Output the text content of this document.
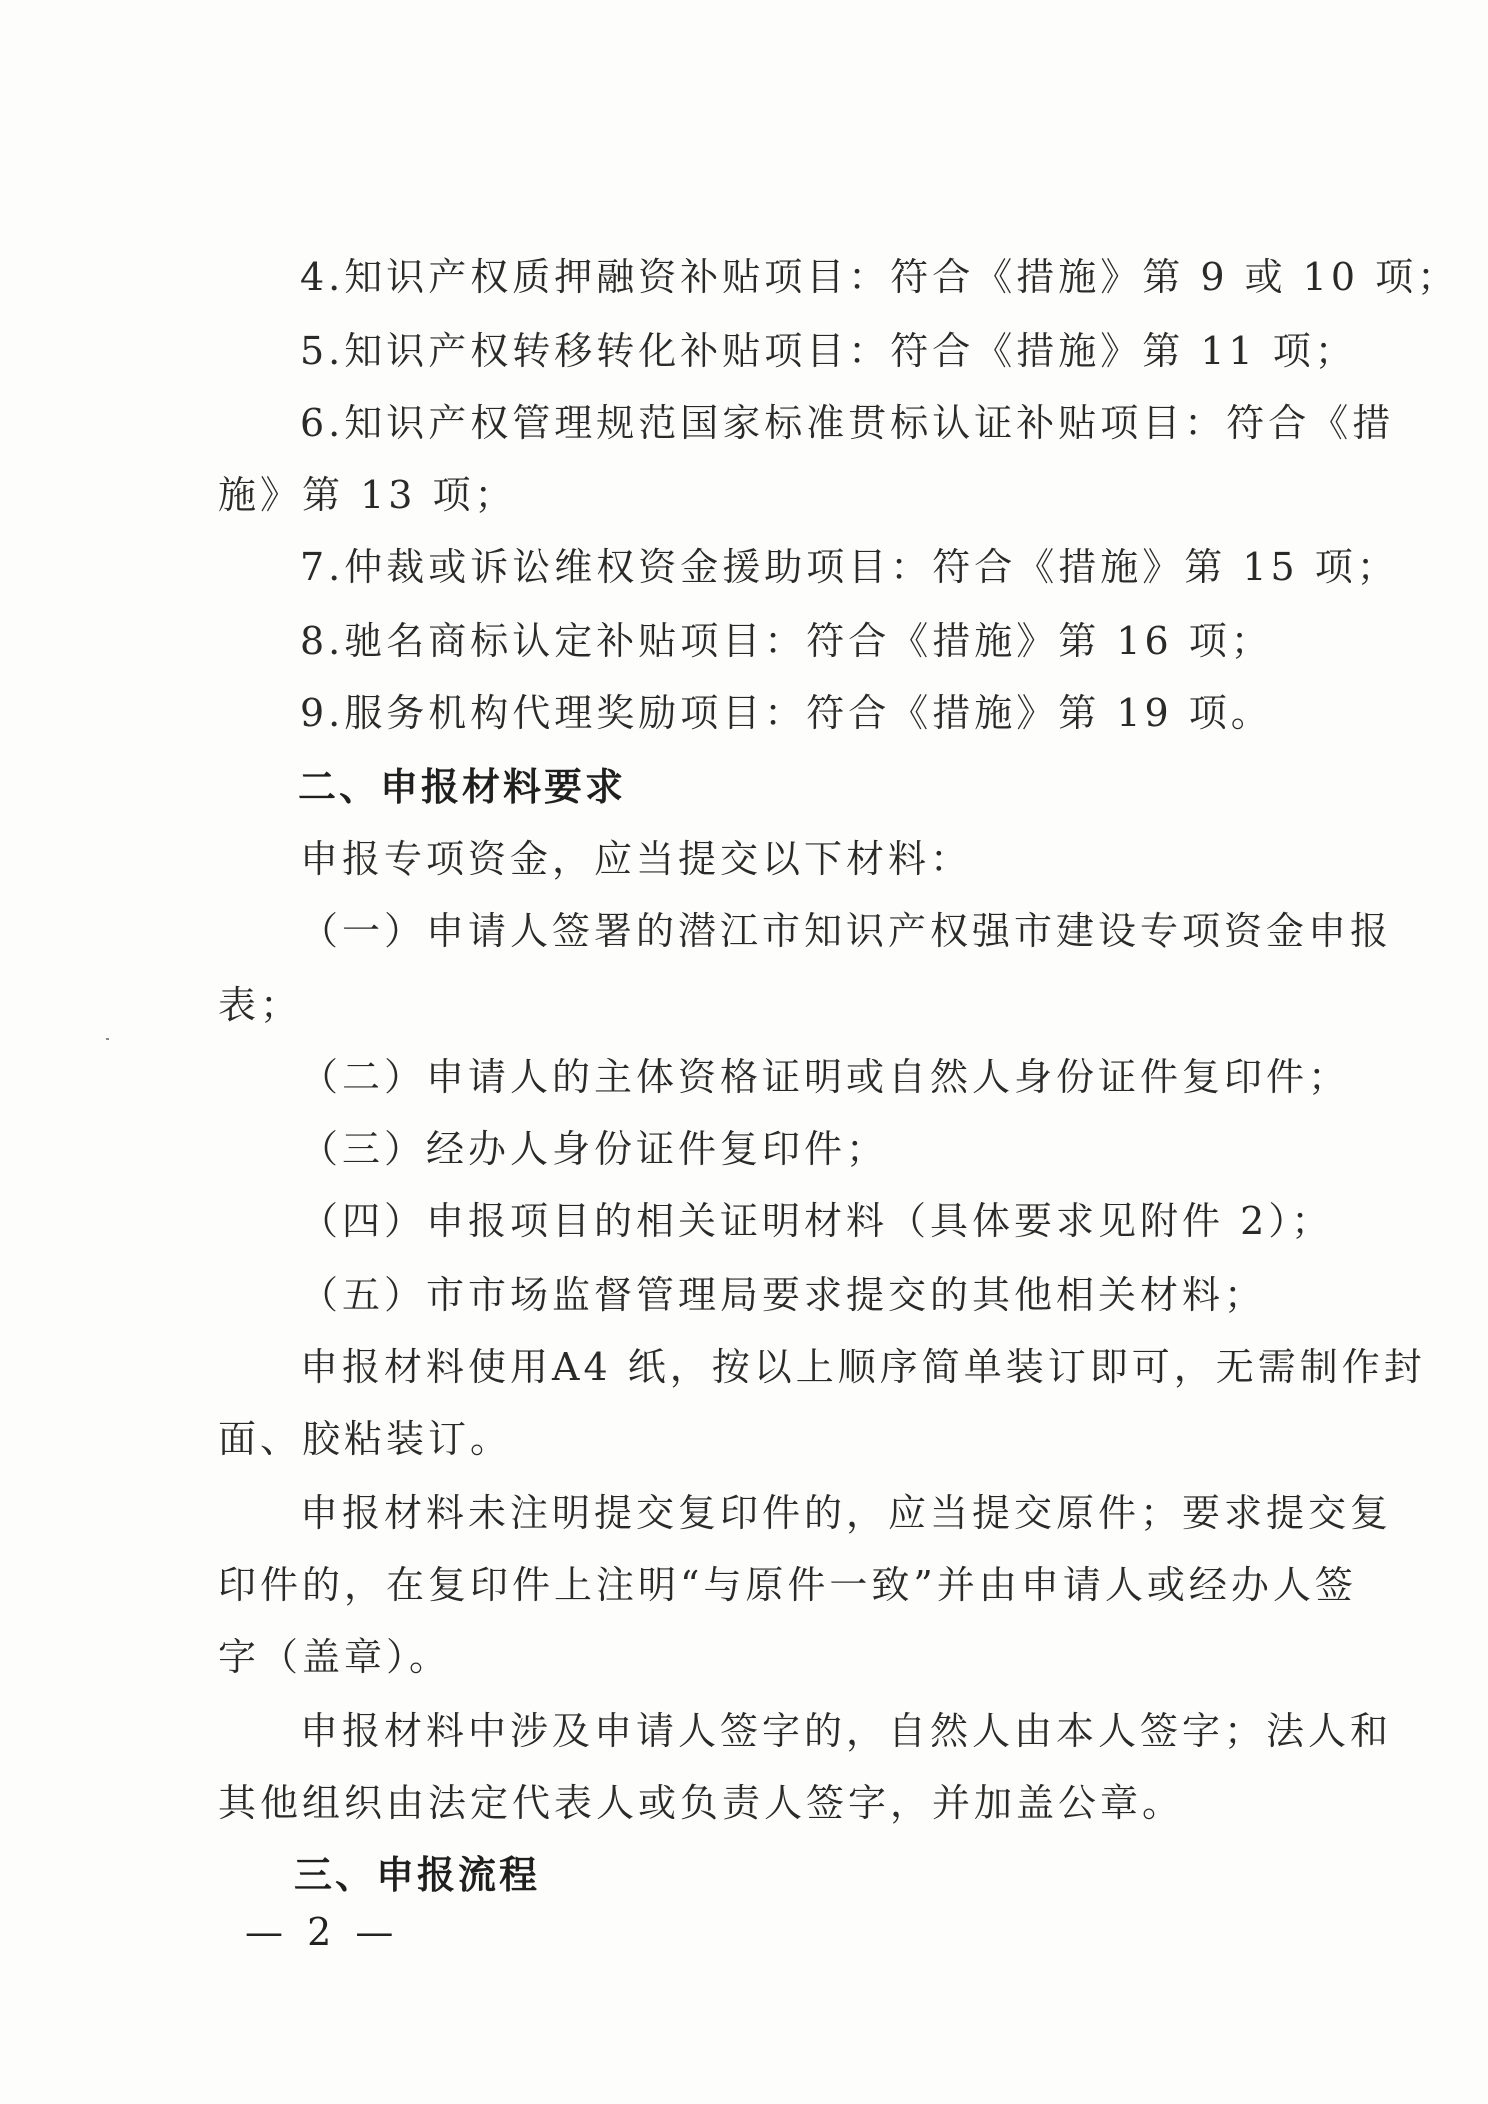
4.知识产权质押融资补贴项目：符合《措施》第 9 或 10 项；
5.知识产权转移转化补贴项目：符合《措施》第 11 项；
6.知识产权管理规范国家标准贯标认证补贴项目：符合《措
施》第 13 项；
7.仲裁或诉讼维权资金援助项目：符合《措施》第 15 项；
8.驰名商标认定补贴项目：符合《措施》第 16 项；
9.服务机构代理奖励项目：符合《措施》第 19 项。
二、申报材料要求
申报专项资金，应当提交以下材料：
（一）申请人签署的潜江市知识产权强市建设专项资金申报
表；
（二）申请人的主体资格证明或自然人身份证件复印件；
（三）经办人身份证件复印件；
（四）申报项目的相关证明材料（具体要求见附件 2）；
（五）市市场监督管理局要求提交的其他相关材料；
申报材料使用A4 纸，按以上顺序简单装订即可，无需制作封
面、胶粘装订。
申报材料未注明提交复印件的，应当提交原件；要求提交复
印件的，在复印件上注明“与原件一致”并由申请人或经办人签
字（盖章）。
申报材料中涉及申请人签字的，自然人由本人签字；法人和
其他组织由法定代表人或负责人签字，并加盖公章。
三、申报流程
— 2 —
